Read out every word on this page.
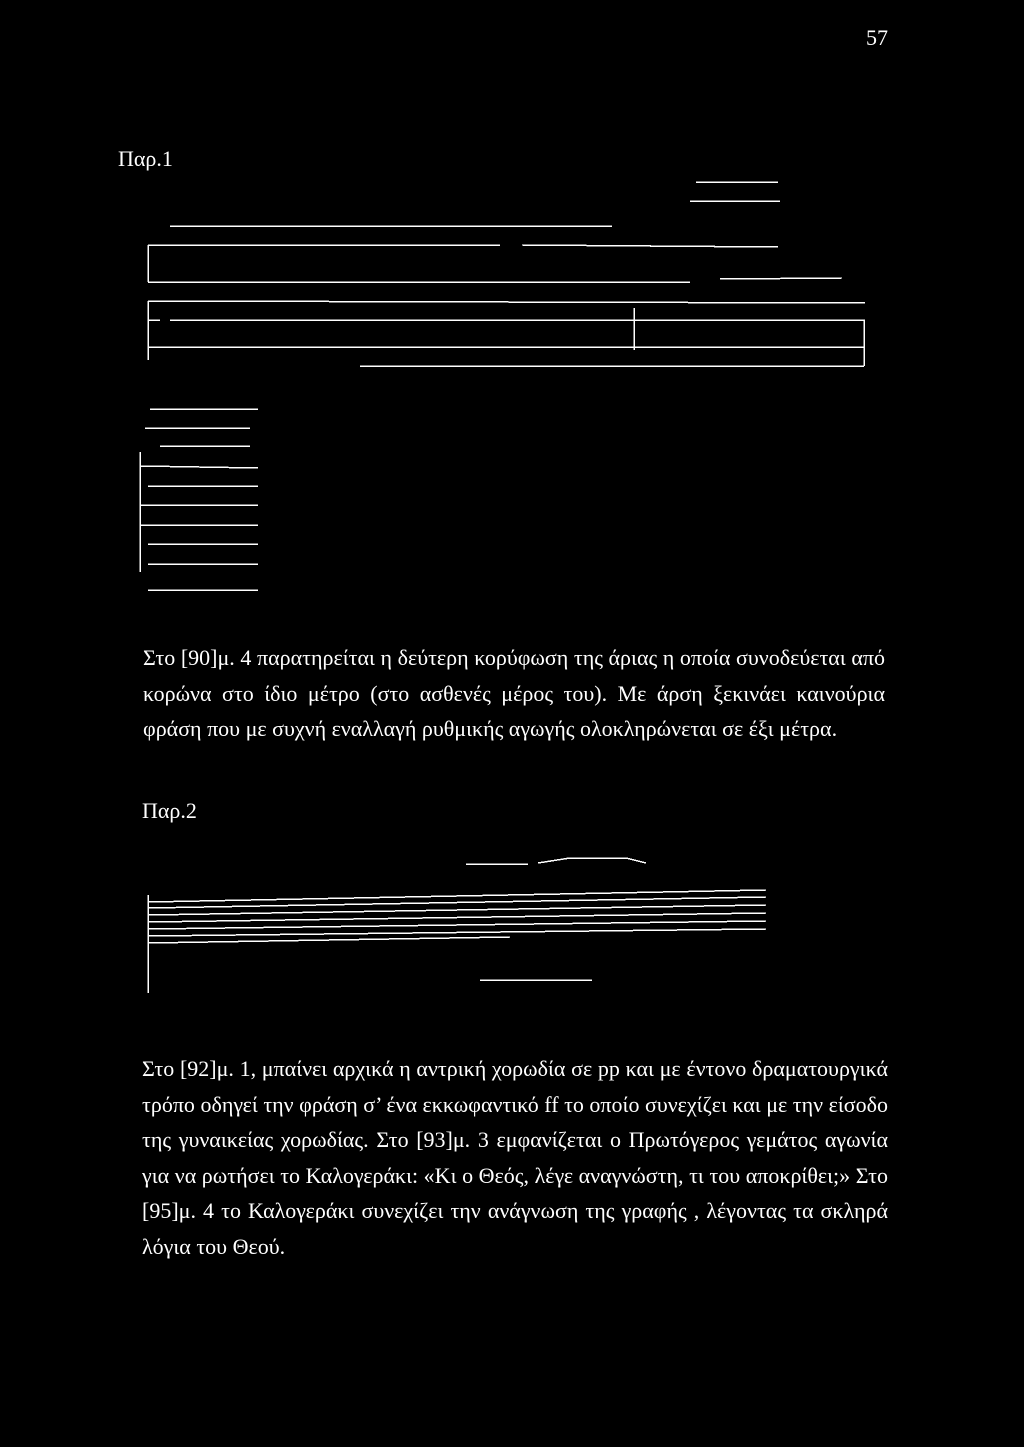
57
Παρ.1

Στο [90]μ. 4 παρατηρείται η δεύτερη κορύφωση της άριας η οποία συνοδεύεται από κορώνα στο ίδιο μέτρο (στο ασθενές μέρος του). Με άρση ξεκινάει καινούρια φράση που με συχνή εναλλαγή ρυθμικής αγωγής ολοκληρώνεται σε έξι μέτρα.

Παρ.2

Στο [92]μ. 1, μπαίνει αρχικά η αντρική χορωδία σε pp και με έντονο δραματουργικά τρόπο οδηγεί την φράση σ’ ένα εκκωφαντικό ff το οποίο συνεχίζει και με την είσοδο της γυναικείας χορωδίας. Στο [93]μ. 3 εμφανίζεται ο Πρωτόγερος γεμάτος αγωνία για να ρωτήσει το Καλογεράκι: «Κι ο Θεός, λέγε αναγνώστη, τι του αποκρίθει;» Στο [95]μ. 4 το Καλογεράκι συνεχίζει την ανάγνωση της γραφής , λέγοντας τα σκληρά λόγια του Θεού.
